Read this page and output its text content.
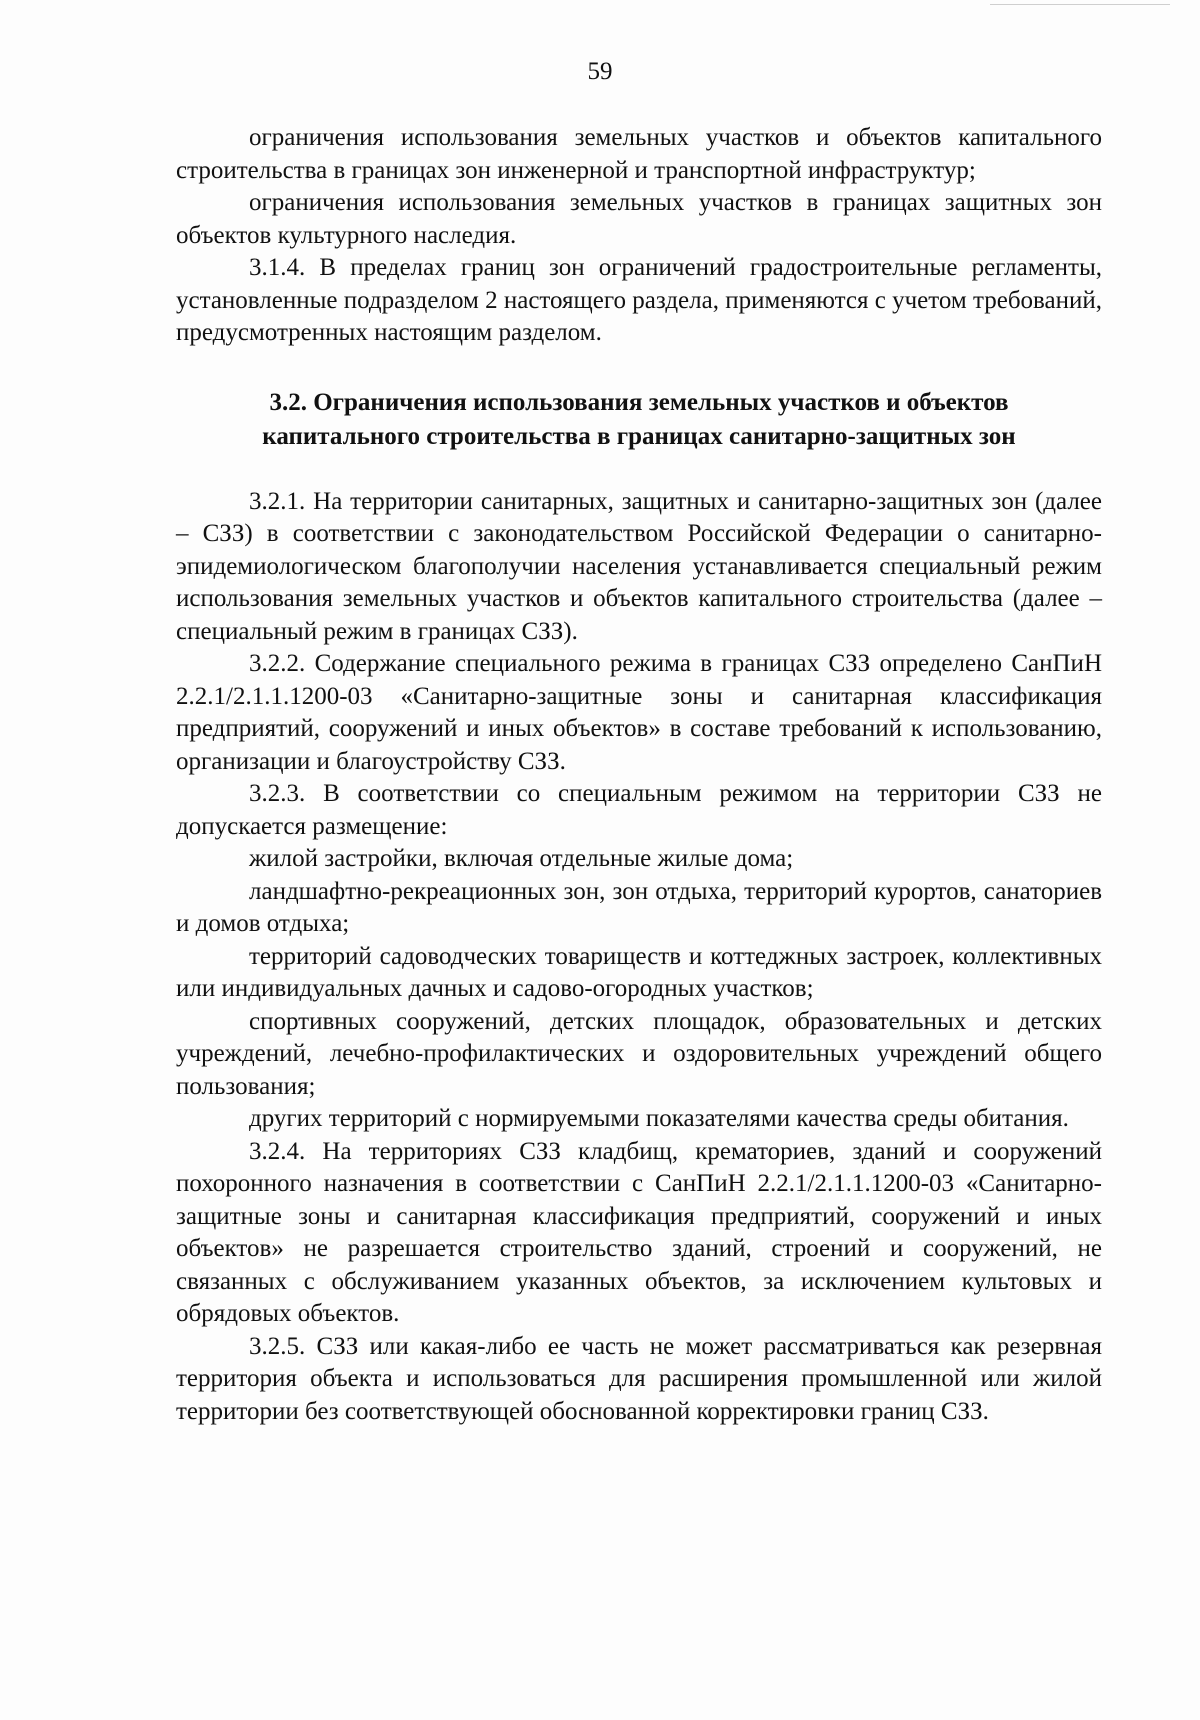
59

ограничения использования земельных участков и объектов капитального строительства в границах зон инженерной и транспортной инфраструктур;

ограничения использования земельных участков в границах защитных зон объектов культурного наследия.

3.1.4. В пределах границ зон ограничений градостроительные регламенты, установленные подразделом 2 настоящего раздела, применяются с учетом требований, предусмотренных настоящим разделом.

3.2. Ограничения использования земельных участков и объектов
капитального строительства в границах санитарно-защитных зон

3.2.1. На территории санитарных, защитных и санитарно-защитных зон (далее – СЗЗ) в соответствии с законодательством Российской Федерации о санитарно-эпидемиологическом благополучии населения устанавливается специальный режим использования земельных участков и объектов капитального строительства (далее – специальный режим в границах СЗЗ).

3.2.2. Содержание специального режима в границах СЗЗ определено СанПиН 2.2.1/2.1.1.1200-03 «Санитарно-защитные зоны и санитарная классификация предприятий, сооружений и иных объектов» в составе требований к использованию, организации и благоустройству СЗЗ.

3.2.3. В соответствии со специальным режимом на территории СЗЗ не допускается размещение:

жилой застройки, включая отдельные жилые дома;

ландшафтно-рекреационных зон, зон отдыха, территорий курортов, санаториев и домов отдыха;

территорий садоводческих товариществ и коттеджных застроек, коллективных или индивидуальных дачных и садово-огородных участков;

спортивных сооружений, детских площадок, образовательных и детских учреждений, лечебно-профилактических и оздоровительных учреждений общего пользования;

других территорий с нормируемыми показателями качества среды обитания.

3.2.4. На территориях СЗЗ кладбищ, крематориев, зданий и сооружений похоронного назначения в соответствии с СанПиН 2.2.1/2.1.1.1200-03 «Санитарно-защитные зоны и санитарная классификация предприятий, сооружений и иных объектов» не разрешается строительство зданий, строений и сооружений, не связанных с обслуживанием указанных объектов, за исключением культовых и обрядовых объектов.

3.2.5. СЗЗ или какая-либо ее часть не может рассматриваться как резервная территория объекта и использоваться для расширения промышленной или жилой территории без соответствующей обоснованной корректировки границ СЗЗ.
